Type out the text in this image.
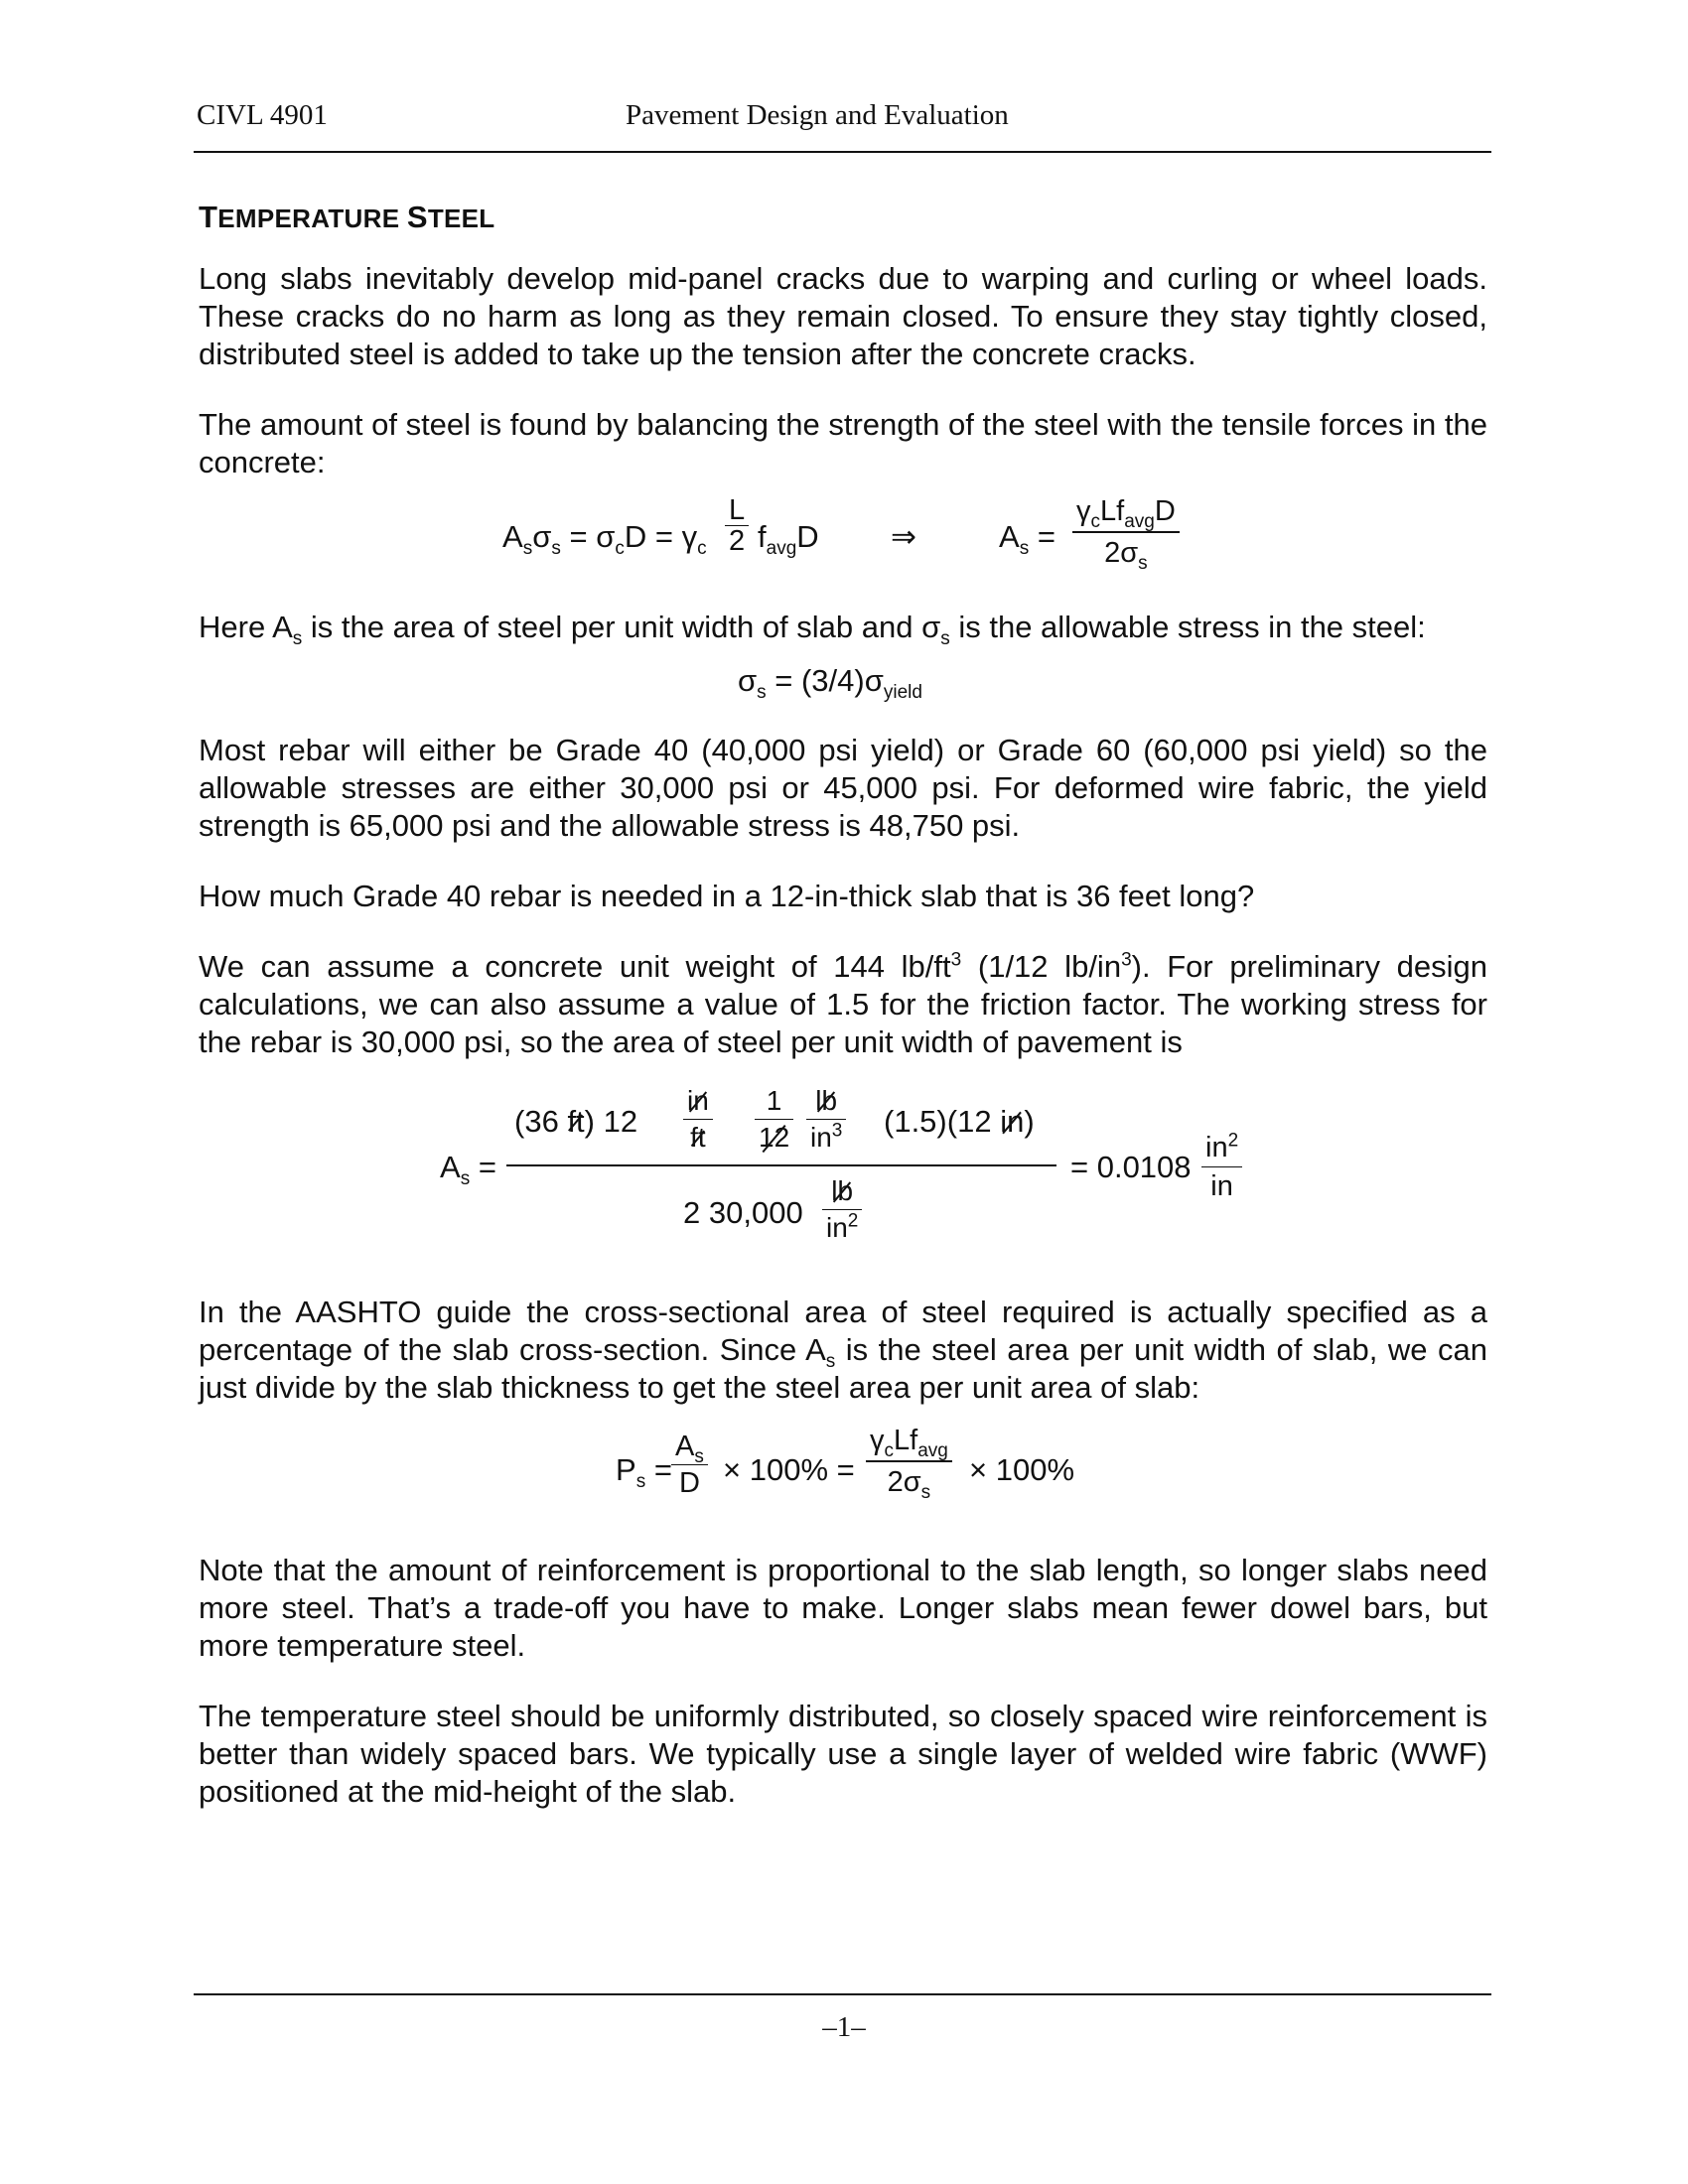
CIVL 4901	Pavement Design and Evaluation
TEMPERATURE STEEL

Long slabs inevitably develop mid-panel cracks due to warping and curling or wheel loads. These cracks do no harm as long as they remain closed. To ensure they stay tightly closed, distributed steel is added to take up the tension after the concrete cracks.

The amount of steel is found by balancing the strength of the steel with the tensile forces in the concrete:

$A_s\sigma_s = \sigma_cD = \gamma_c \frac{L}{2} f_{avg}D$ ⇒	$A_s$ =
$\gamma_cLf_{avg}D$
$2\sigma_s$

Here $A_s$ is the area of steel per unit width of slab and $\sigma_s$ is the allowable stress in the steel:

$\sigma_s = (3/4)\sigma_{yield}$

Most rebar will either be Grade 40 (40,000 psi yield) or Grade 60 (60,000 psi yield) so the allowable stresses are either 30,000 psi or 45,000 psi. For deformed wire fabric, the yield strength is 65,000 psi and the allowable stress is 48,750 psi.

How much Grade 40 rebar is needed in a 12-in-thick slab that is 36 feet long?

We can assume a concrete unit weight of 144 $lb/ft^3$ (1/12 $lb/in^3$). For preliminary design calculations, we can also assume a value of 1.5 for the friction factor. The working stress for the rebar is 30,000 psi, so the area of steel per unit width of pavement is

$A_s$ =
(36 ft) $12 \frac{in}{ft} \frac{1}{12} \frac{lb}{in^3} (1.5)(12$ in)
2 $30,000 \frac{lb}{in^2}$
= $0.0108 \frac{in^2}{in}$

In the AASHTO guide the cross-sectional area of steel required is actually specified as a percentage of the slab cross-section. Since $A_s$ is the steel area per unit width of slab, we can just divide by the slab thickness to get the steel area per unit area of slab:

$P_s = \frac{A_s}{D} \times 100\%$ =
$\gamma_cLf_{avg}$
$2\sigma_s$
× 100%

Note that the amount of reinforcement is proportional to the slab length, so longer slabs need more steel. That’s a trade-off you have to make. Longer slabs mean fewer dowel bars, but more temperature steel.

The temperature steel should be uniformly distributed, so closely spaced wire reinforcement is better than widely spaced bars. We typically use a single layer of welded wire fabric (WWF) positioned at the mid-height of the slab.

–1–
